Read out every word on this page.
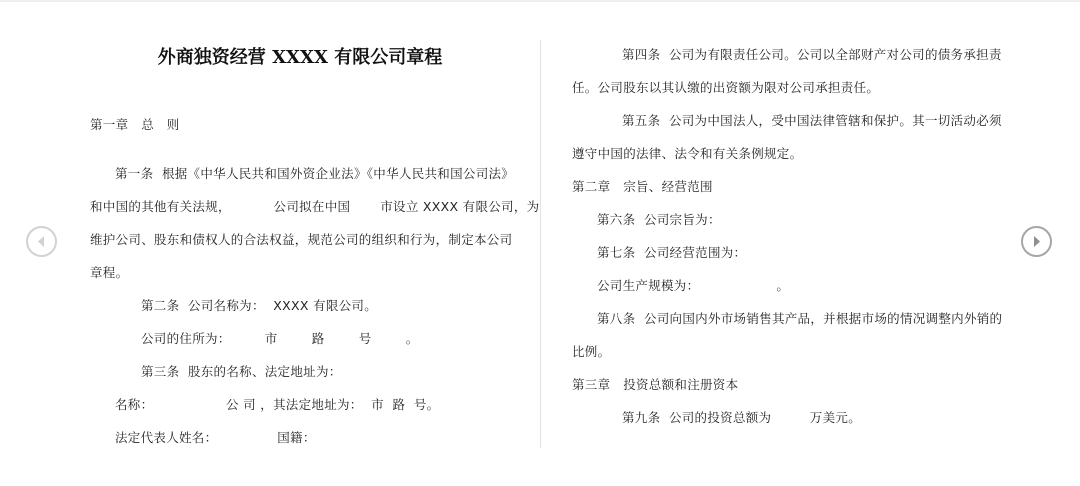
外商独资经营 XXXX 有限公司章程
第一章　总　则
第一条  根据《中华人民共和国外资企业法》《中华人民共和国公司法》
和中国的其他有关法规，          公司拟在中国       市设立 XXXX 有限公司，为
维护公司、股东和债权人的合法权益，规范公司的组织和行为，制定本公司
章程。
第二条  公司名称为：  XXXX 有限公司。
公司的住所为：        市        路        号        。
第三条  股东的名称、法定地址为：
名称：                 公 司 ，其法定地址为：  市  路  号。
法定代表人姓名：              国籍：
第四条  公司为有限责任公司。公司以全部财产对公司的债务承担责
任。公司股东以其认缴的出资额为限对公司承担责任。
第五条  公司为中国法人，受中国法律管辖和保护。其一切活动必须
遵守中国的法律、法令和有关条例规定。
第二章　宗旨、经营范围
第六条  公司宗旨为：
第七条  公司经营范围为：
公司生产规模为：                  。
第八条  公司向国内外市场销售其产品，并根据市场的情况调整内外销的
比例。
第三章　投资总额和注册资本
第九条  公司的投资总额为         万美元。
